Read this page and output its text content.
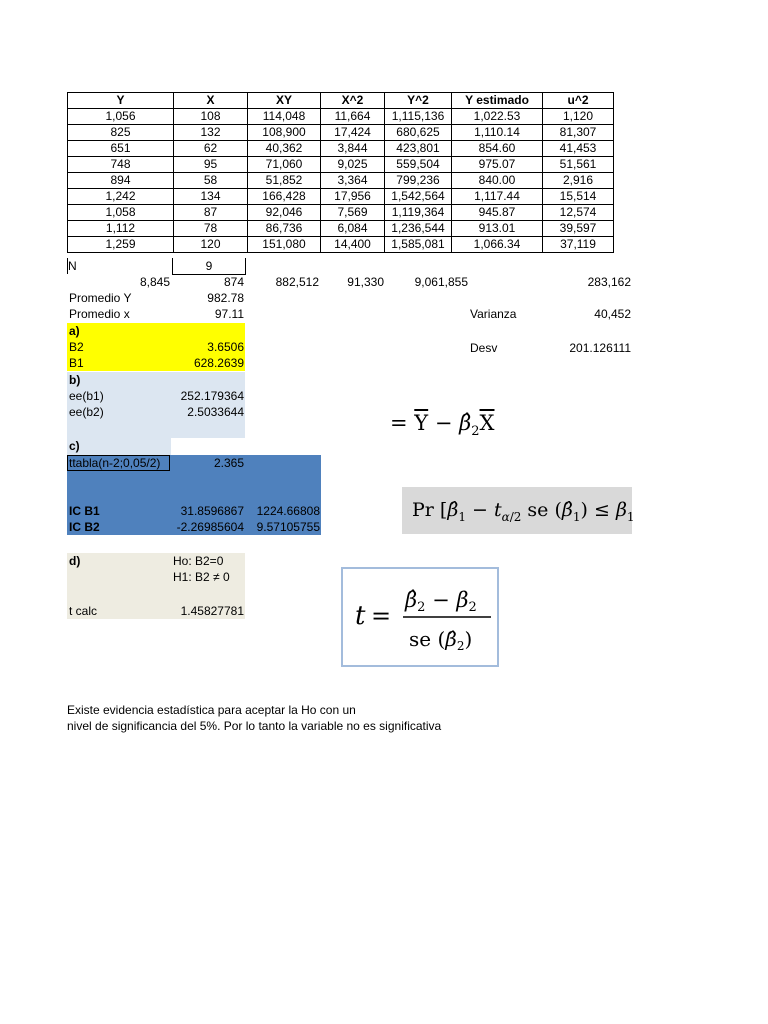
Y	X	XY	X^2	Y^2	Y estimado	u^2
1,056	108	114,048	11,664	1,115,136	1,022.53	1,120
825	132	108,900	17,424	680,625	1,110.14	81,307
651	62	40,362	3,844	423,801	854.60	41,453
748	95	71,060	9,025	559,504	975.07	51,561
894	58	51,852	3,364	799,236	840.00	2,916
1,242	134	166,428	17,956	1,542,564	1,117.44	15,514
1,058	87	92,046	7,569	1,119,364	945.87	12,574
1,112	78	86,736	6,084	1,236,544	913.01	39,597
1,259	120	151,080	14,400	1,585,081	1,066.34	37,119
N	9
8,845	874	882,512	91,330	9,061,855	283,162
Promedio Y	982.78
Promedio x	97.11	Varianza	40,452
Desv	201.126111
a)
B2	3.6506
B1	628.2639
b)
ee(b1)	252.179364
ee(b2)	2.5033644
c)
ttabla(n-2;0,05/2)	2.365
IC B1	31.8596867	1224.66808
IC B2	-2.26985604	9.57105755
d)	Ho: B2=0
H1: B2 ≠ 0
t calc	1.45827781
= $\overline{Y}$ − $\betâ_2\overline{X}$
Pr [$\betâ_1 - t_{\alpha/2}$ se $(\betâ_1) \le \beta_1$
t =
β̂2 − β2
se $(\betâ_2)$
Existe evidencia estadística para aceptar la Ho con un
nivel de significancia del 5%. Por lo tanto la variable no es significativa
